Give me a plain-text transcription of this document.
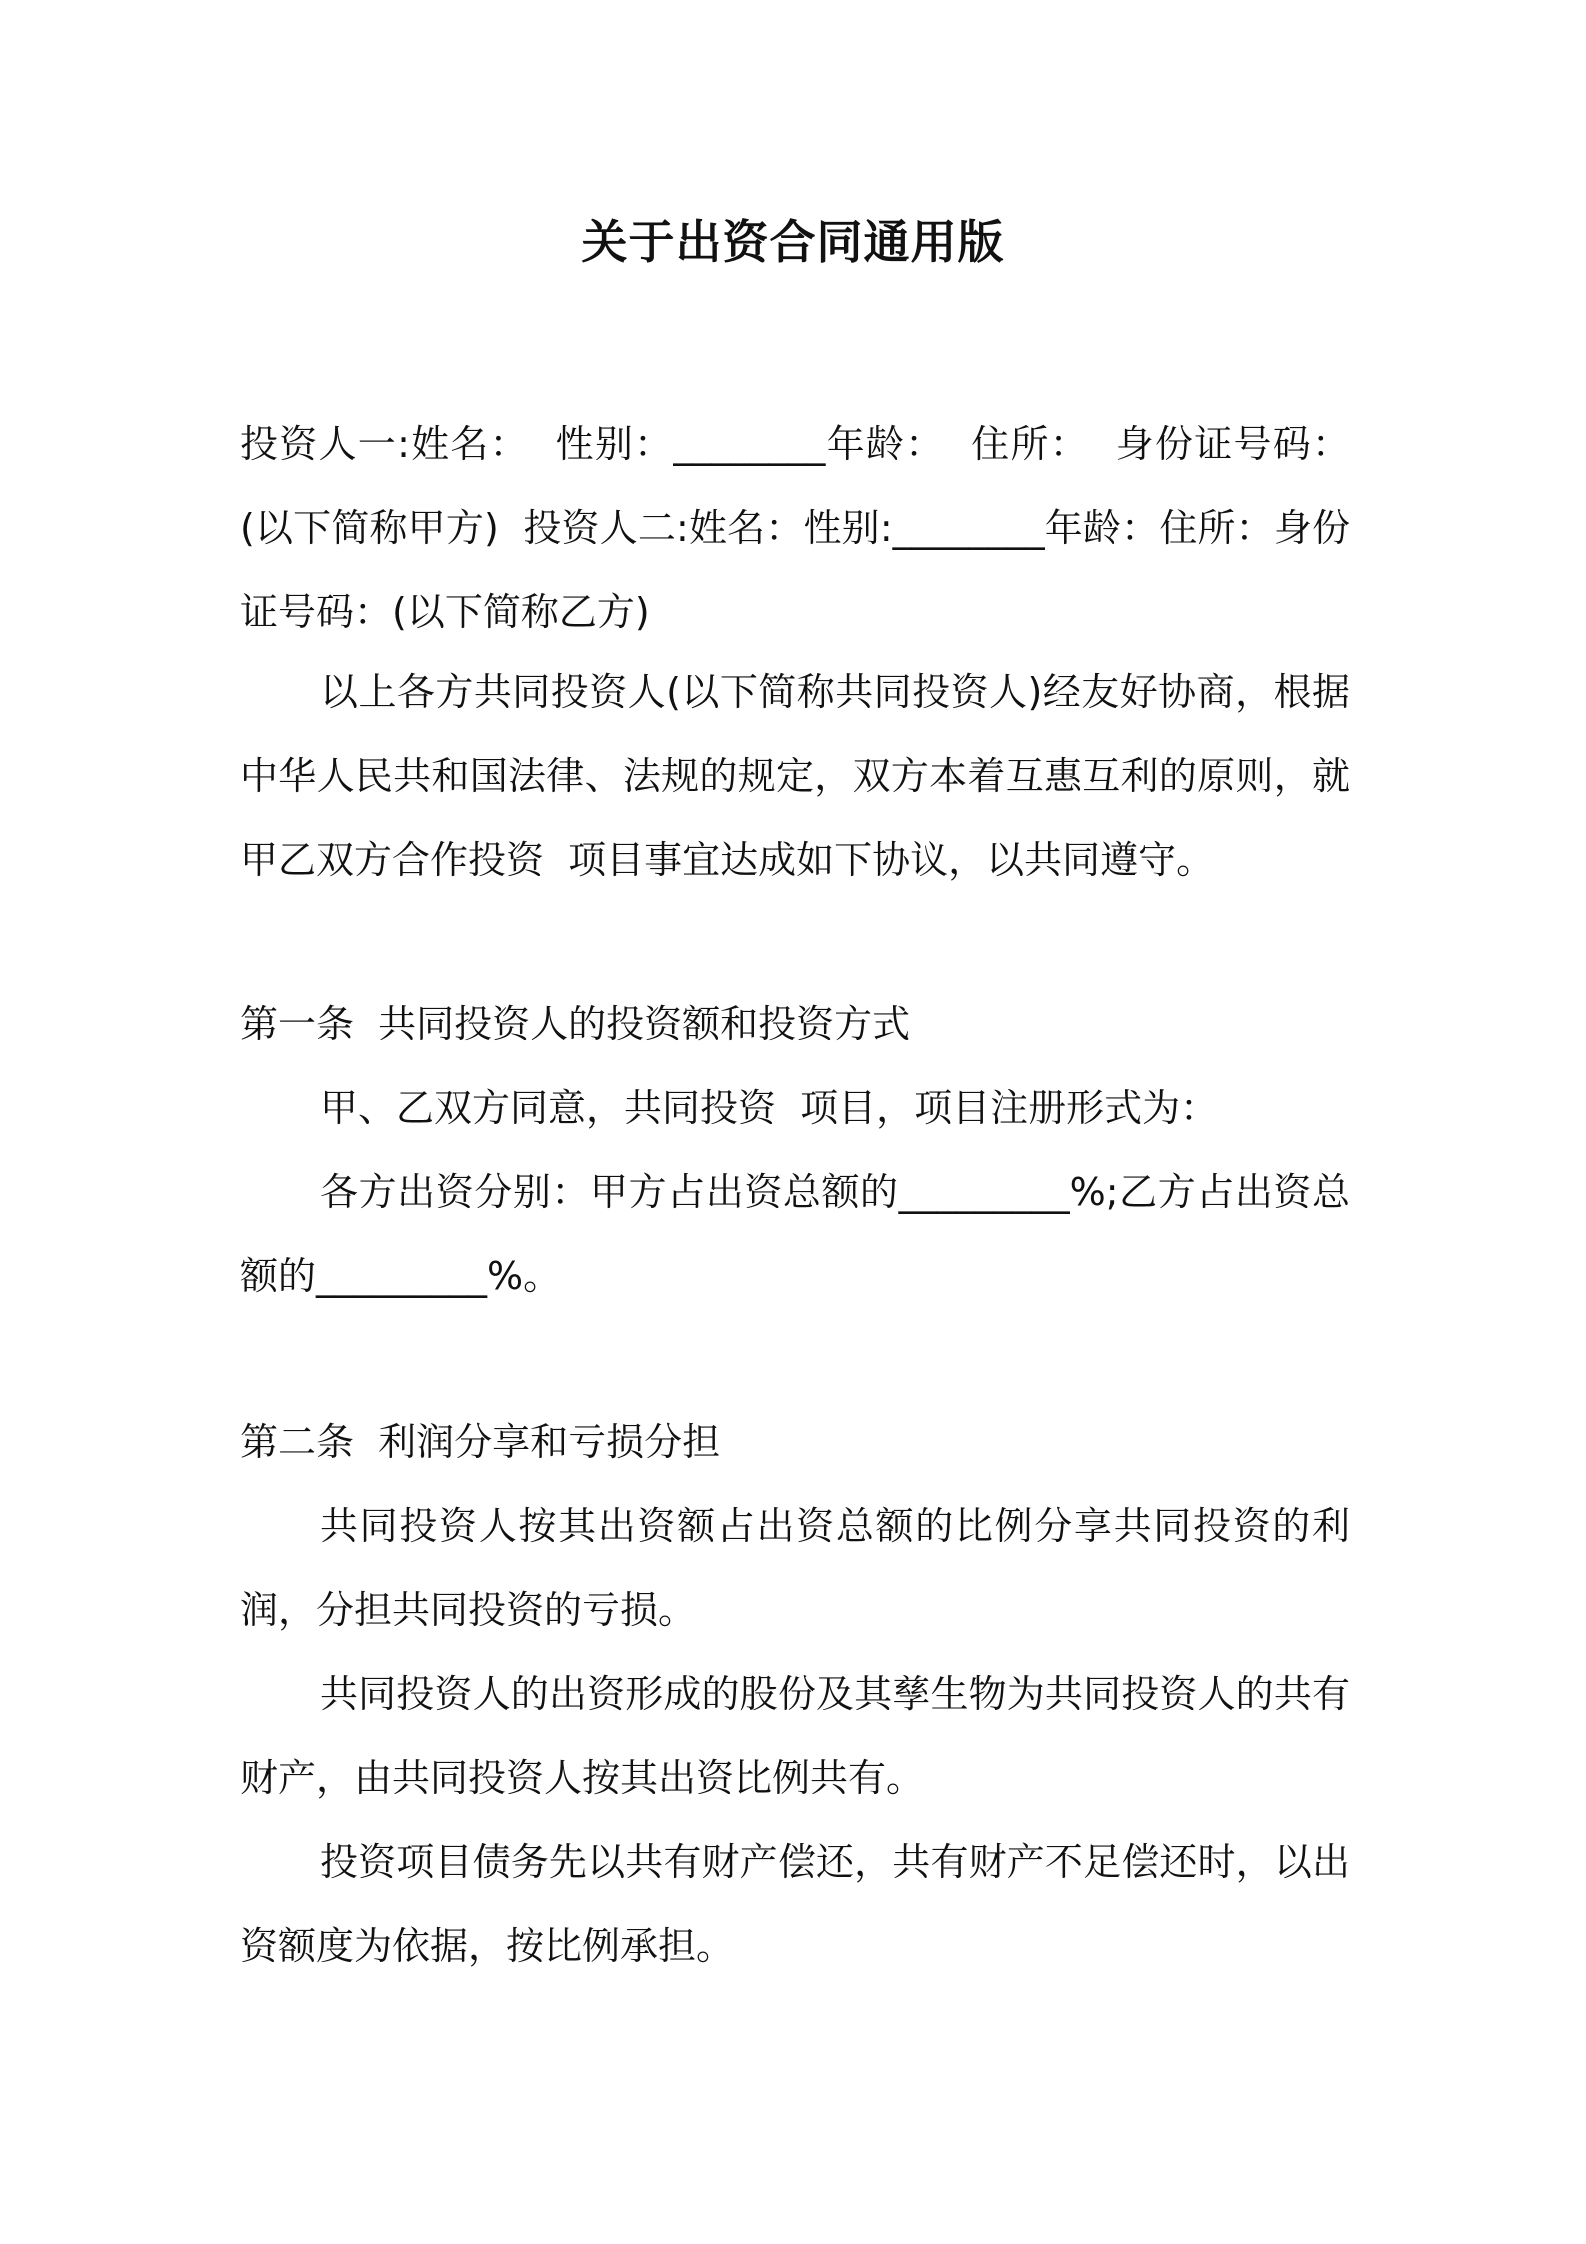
关于出资合同通用版

投资人一:姓名：  性别：________年龄：  住所：  身份证号码：(以下简称甲方)  投资人二:姓名：性别:________年龄：住所：身份证号码：(以下简称乙方)

以上各方共同投资人(以下简称共同投资人)经友好协商，根据中华人民共和国法律、法规的规定，双方本着互惠互利的原则，就甲乙双方合作投资  项目事宜达成如下协议，以共同遵守。

第一条  共同投资人的投资额和投资方式

甲、乙双方同意，共同投资  项目，项目注册形式为：

各方出资分别：甲方占出资总额的_________%;乙方占出资总额的_________%。

第二条  利润分享和亏损分担

共同投资人按其出资额占出资总额的比例分享共同投资的利润，分担共同投资的亏损。

共同投资人的出资形成的股份及其孳生物为共同投资人的共有财产，由共同投资人按其出资比例共有。

投资项目债务先以共有财产偿还，共有财产不足偿还时，以出资额度为依据，按比例承担。
